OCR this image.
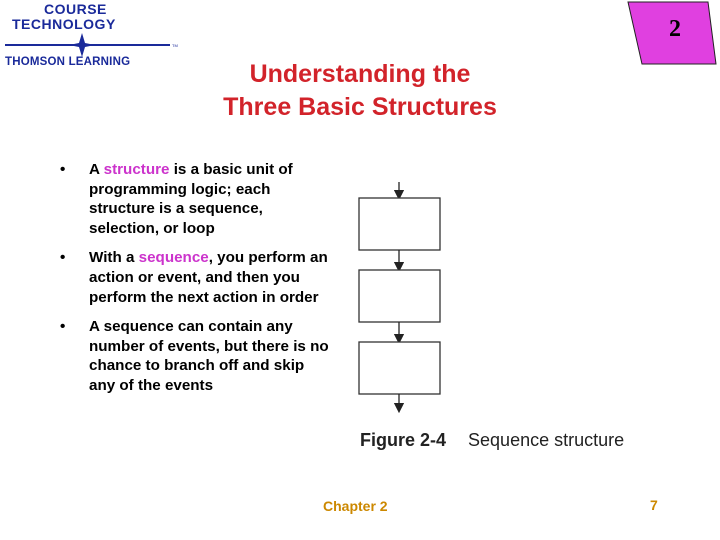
COURSE
TECHNOLOGY
TM
THOMSON LEARNING
2
Understanding the
Three Basic Structures
• A structure is a basic unit of programming logic; each structure is a sequence, selection, or loop
• With a sequence, you perform an action or event, and then you perform the next action in order
• A sequence can contain any number of events, but there is no chance to branch off and skip any of the events
Figure 2-4 Sequence structure
Chapter 2	7
